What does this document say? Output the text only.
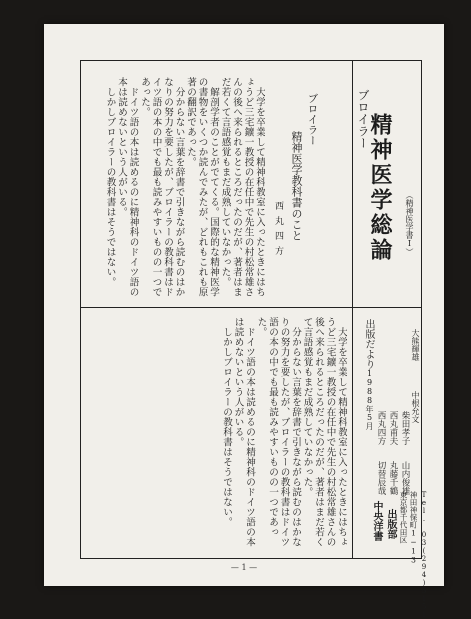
ブロイラー
精神医学総論 （精神医学書Ⅰ）
ブロイラー
精神医学教科書のこと
西丸四方

大学を卒業して精神科教室に入ったときにはちょうど三宅鑛一教授の在任中で先生の村松常雄さんの後へ来られるところだったのだが、著者はまだ若くて言語感覚もまだ成熟していなかった。

解剖学者のことがでてくる。国際的な精神医学の書物をいくつか読んでみたが、どれもこれも原著の翻訳であった。

分からない言葉を辞書で引きながら読むのはかなりの努力を要したが、ブロイラーの教科書はドイツ語の本の中でも最も読みやすいものの一つであった。

ドイツ語の本は読めるのに精神科のドイツ語の本は読めないという人がいる。

しかしブロイラーの教科書はそうではない。

出版だより
1988年5月 西丸四方 西丸甫夫 柴田孝子
切替辰哉 丸藤千鶴 山内俊雄
大熊輝雄
中根允文
中央洋書 出版部 東京都千代田区 神田神保町1−13 Tel. 03(294)5151

大学を卒業して精神科教室に入ったときにはちょうど三宅鑛一教授の在任中で先生の村松常雄さんの後へ来られるところだったのだが、著者はまだ若くて言語感覚もまだ成熟していなかった。

分からない言葉を辞書で引きながら読むのはかなりの努力を要したが、ブロイラーの教科書はドイツ語の本の中でも最も読みやすいものの一つであった。

ドイツ語の本は読めるのに精神科のドイツ語の本は読めないという人がいる。

しかしブロイラーの教科書はそうではない。

— 1 —
